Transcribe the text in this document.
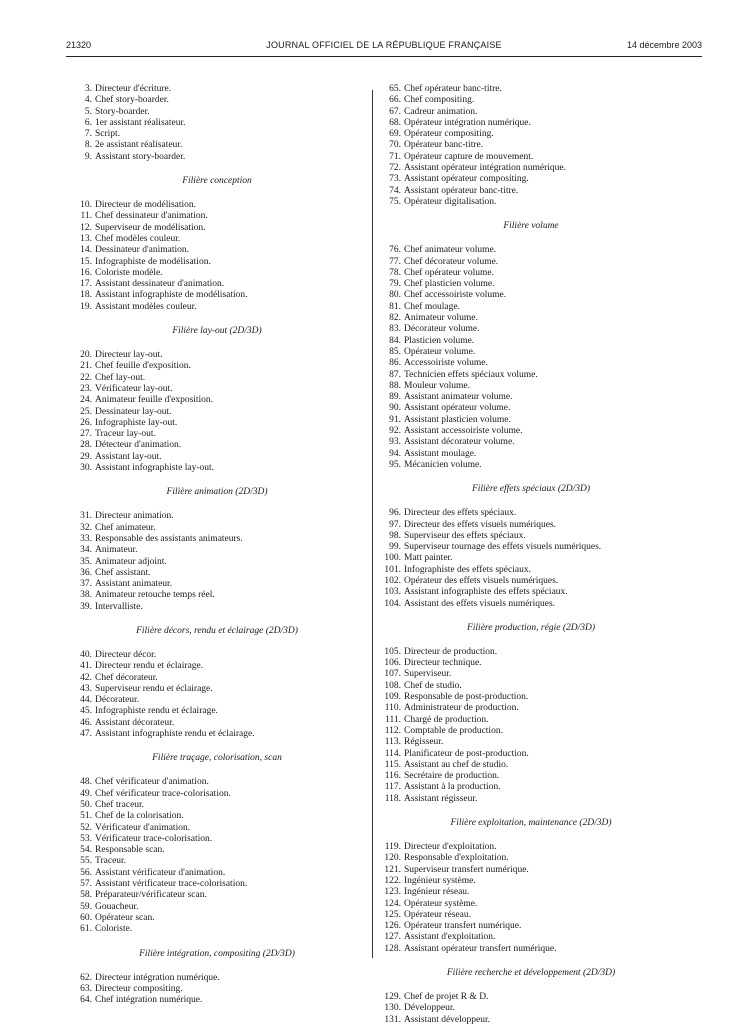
21320	JOURNAL OFFICIEL DE LA RÉPUBLIQUE FRANÇAISE	14 décembre 2003
3. Directeur d'écriture.
4. Chef story-boarder.
5. Story-boarder.
6. 1er assistant réalisateur.
7. Script.
8. 2e assistant réalisateur.
9. Assistant story-boarder.
Filière conception
10. Directeur de modélisation.
11. Chef dessinateur d'animation.
12. Superviseur de modélisation.
13. Chef modèles couleur.
14. Dessinateur d'animation.
15. Infographiste de modélisation.
16. Coloriste modèle.
17. Assistant dessinateur d'animation.
18. Assistant infographiste de modélisation.
19. Assistant modèles couleur.
Filière lay-out (2D/3D)
20. Directeur lay-out.
21. Chef feuille d'exposition.
22. Chef lay-out.
23. Vérificateur lay-out.
24. Animateur feuille d'exposition.
25. Dessinateur lay-out.
26. Infographiste lay-out.
27. Traceur lay-out.
28. Détecteur d'animation.
29. Assistant lay-out.
30. Assistant infographiste lay-out.
Filière animation (2D/3D)
31. Directeur animation.
32. Chef animateur.
33. Responsable des assistants animateurs.
34. Animateur.
35. Animateur adjoint.
36. Chef assistant.
37. Assistant animateur.
38. Animateur retouche temps réel.
39. Intervalliste.
Filière décors, rendu et éclairage (2D/3D)
40. Directeur décor.
41. Directeur rendu et éclairage.
42. Chef décorateur.
43. Superviseur rendu et éclairage.
44. Décorateur.
45. Infographiste rendu et éclairage.
46. Assistant décorateur.
47. Assistant infographiste rendu et éclairage.
Filière traçage, colorisation, scan
48. Chef vérificateur d'animation.
49. Chef vérificateur trace-colorisation.
50. Chef traceur.
51. Chef de la colorisation.
52. Vérificateur d'animation.
53. Vérificateur trace-colorisation.
54. Responsable scan.
55. Traceur.
56. Assistant vérificateur d'animation.
57. Assistant vérificateur trace-colorisation.
58. Préparateur/vérificateur scan.
59. Gouacheur.
60. Opérateur scan.
61. Coloriste.
Filière intégration, compositing (2D/3D)
62. Directeur intégration numérique.
63. Directeur compositing.
64. Chef intégration numérique.
65. Chef opérateur banc-titre.
66. Chef compositing.
67. Cadreur animation.
68. Opérateur intégration numérique.
69. Opérateur compositing.
70. Opérateur banc-titre.
71. Opérateur capture de mouvement.
72. Assistant opérateur intégration numérique.
73. Assistant opérateur compositing.
74. Assistant opérateur banc-titre.
75. Opérateur digitalisation.
Filière volume
76. Chef animateur volume.
77. Chef décorateur volume.
78. Chef opérateur volume.
79. Chef plasticien volume.
80. Chef accessoiriste volume.
81. Chef moulage.
82. Animateur volume.
83. Décorateur volume.
84. Plasticien volume.
85. Opérateur volume.
86. Accessoiriste volume.
87. Technicien effets spéciaux volume.
88. Mouleur volume.
89. Assistant animateur volume.
90. Assistant opérateur volume.
91. Assistant plasticien volume.
92. Assistant accessoiriste volume.
93. Assistant décorateur volume.
94. Assistant moulage.
95. Mécanicien volume.
Filière effets spéciaux (2D/3D)
96. Directeur des effets spéciaux.
97. Directeur des effets visuels numériques.
98. Superviseur des effets spéciaux.
99. Superviseur tournage des effets visuels numériques.
100. Matt painter.
101. Infographiste des effets spéciaux.
102. Opérateur des effets visuels numériques.
103. Assistant infographiste des effets spéciaux.
104. Assistant des effets visuels numériques.
Filière production, régie (2D/3D)
105. Directeur de production.
106. Directeur technique.
107. Superviseur.
108. Chef de studio.
109. Responsable de post-production.
110. Administrateur de production.
111. Chargé de production.
112. Comptable de production.
113. Régisseur.
114. Planificateur de post-production.
115. Assistant au chef de studio.
116. Secrétaire de production.
117. Assistant à la production.
118. Assistant régisseur.
Filière exploitation, maintenance (2D/3D)
119. Directeur d'exploitation.
120. Responsable d'exploitation.
121. Superviseur transfert numérique.
122. Ingénieur système.
123. Ingénieur réseau.
124. Opérateur système.
125. Opérateur réseau.
126. Opérateur transfert numérique.
127. Assistant d'exploitation.
128. Assistant opérateur transfert numérique.
Filière recherche et développement (2D/3D)
129. Chef de projet R & D.
130. Développeur.
131. Assistant développeur.
